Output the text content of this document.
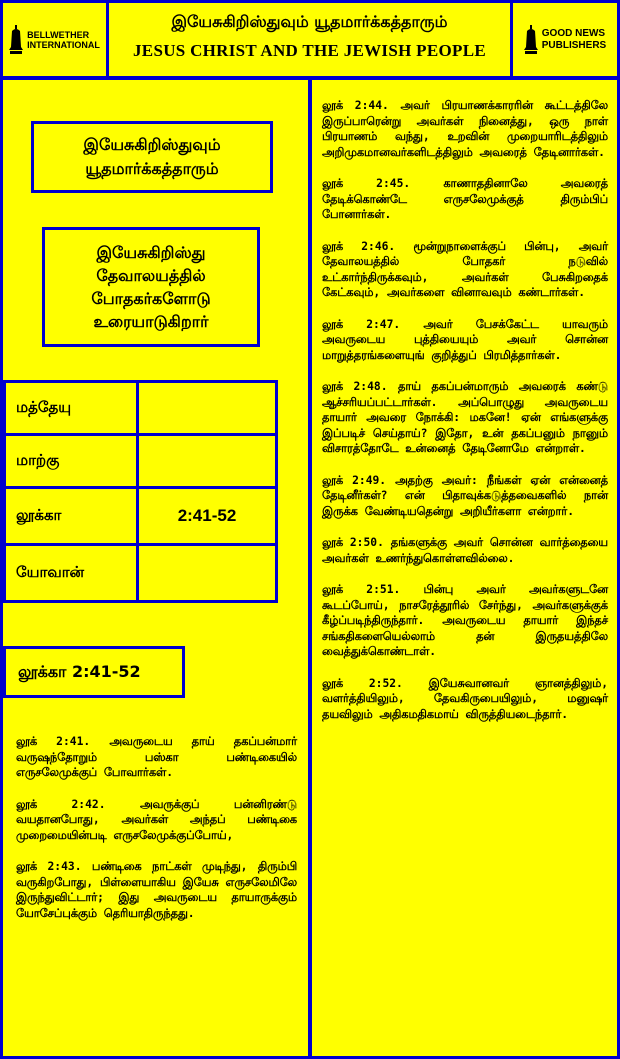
BELLWETHER
INTERNATIONAL
இயேசுகிறிஸ்துவும் யூதமார்க்கத்தாரும்
JESUS CHRIST AND THE JEWISH PEOPLE
GOOD NEWS
PUBLISHERS
இயேசுகிறிஸ்துவும்
யூதமார்க்கத்தாரும்
இயேசுகிறிஸ்து
தேவாலயத்தில்
போதகர்களோடு
உரையாடுகிறார்
மத்தேயு	
மாற்கு	
லூக்கா	2:41-52
யோவான்	
லூக்கா 2:41-52

லூக் 2:41. அவருடைய தாய் தகப்பன்மார் வருஷந்தோறும் பஸ்கா பண்டிகையில் எருசலேமுக்குப் போவார்கள்.

லூக் 2:42. அவருக்குப் பன்னிரண்டு வயதானபோது, அவர்கள் அந்தப் பண்டிகை முறைமையின்படி எருசலேமுக்குப்போய்,

லூக் 2:43. பண்டிகை நாட்கள் முடிந்து, திரும்பி வருகிறபோது, பிள்ளையாகிய இயேசு எருசலேமிலே இருந்துவிட்டார்; இது அவருடைய தாயாருக்கும் யோசேப்புக்கும் தெரியாதிருந்தது.

லூக் 2:44. அவர் பிரயாணக்காரரின் கூட்டத்திலே இருப்பாரென்று அவர்கள் நினைத்து, ஒரு நாள் பிரயாணம் வந்து, உறவின் முறையாரிடத்திலும் அறிமுகமானவர்களிடத்திலும் அவரைத் தேடினார்கள்.

லூக் 2:45. காணாததினாலே அவரைத் தேடிக்கொண்டே எருசலேமுக்குத் திரும்பிப் போனார்கள்.

லூக் 2:46. மூன்றுநாளைக்குப் பின்பு, அவர் தேவாலயத்தில் போதகர் நடுவில் உட்கார்ந்திருக்கவும், அவர்கள் பேசுகிறதைக் கேட்கவும், அவர்களை வினாவவும் கண்டார்கள்.

லூக் 2:47. அவர் பேசக்கேட்ட யாவரும் அவருடைய புத்தியையும் அவர் சொன்ன மாறுத்தரங்களையுங் குறித்துப் பிரமித்தார்கள்.

லூக் 2:48. தாய் தகப்பன்மாரும் அவரைக் கண்டு ஆச்சரியப்பட்டார்கள். அப்பொழுது அவருடைய தாயார் அவரை நோக்கி: மகனே! ஏன் எங்களுக்கு இப்படிச் செய்தாய்? இதோ, உன் தகப்பனும் நானும் விசாரத்தோடே உன்னைத் தேடினோமே என்றாள்.

லூக் 2:49. அதற்கு அவர்: நீங்கள் ஏன் என்னைத் தேடினீர்கள்? என் பிதாவுக்கடுத்தவைகளில் நான் இருக்க வேண்டியதென்று அறியீர்களா என்றார்.

லூக் 2:50. தங்களுக்கு அவர் சொன்ன வார்த்தையை அவர்கள் உணர்ந்துகொள்ளவில்லை.

லூக் 2:51. பின்பு அவர் அவர்களுடனே கூடப்போய், நாசரேத்தூரில் சேர்ந்து, அவர்களுக்குக் கீழ்ப்படிந்திருந்தார். அவருடைய தாயார் இந்தச் சங்கதிகளையெல்லாம் தன் இருதயத்திலே வைத்துக்கொண்டாள்.

லூக் 2:52. இயேசுவானவர் ஞானத்திலும், வளர்த்தியிலும், தேவகிருபையிலும், மனுஷர் தயவிலும் அதிகமதிகமாய் விருத்தியடைந்தார்.
